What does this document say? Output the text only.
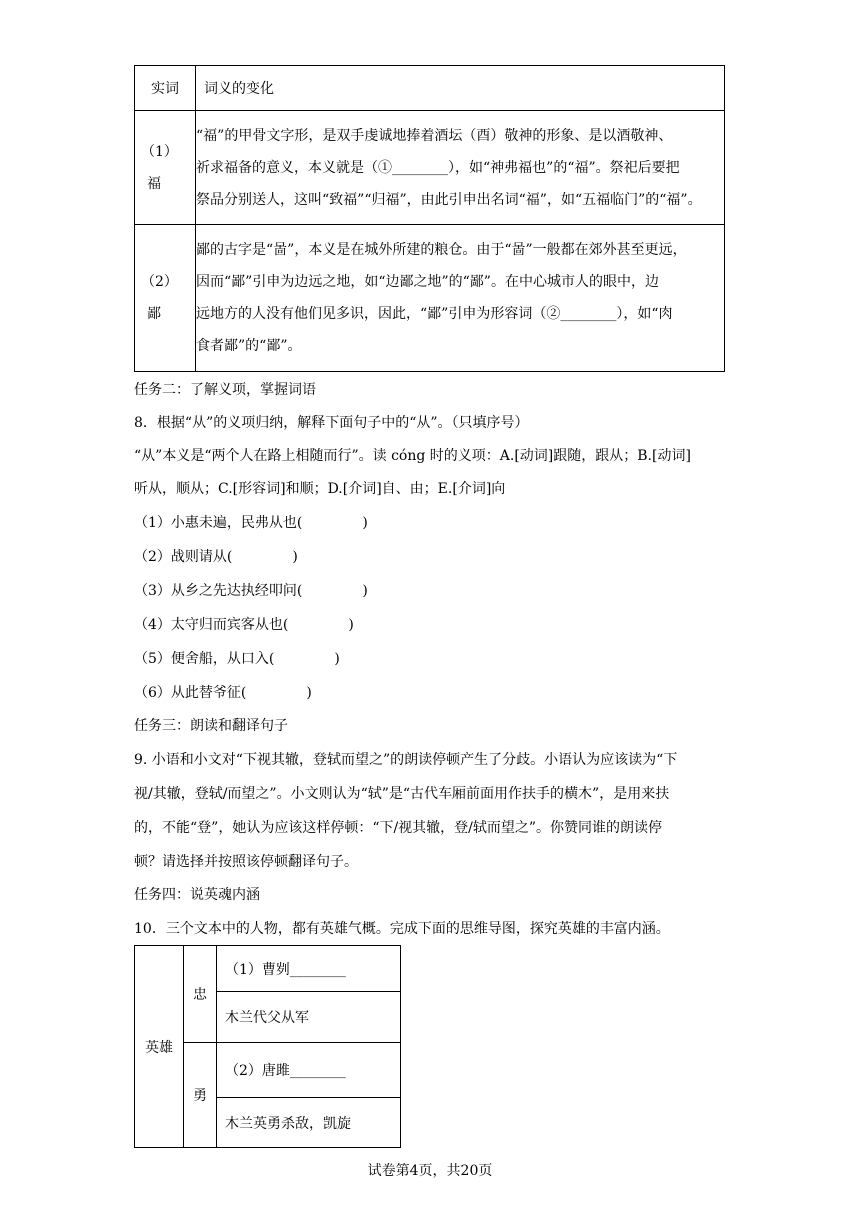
实词	词义的变化

（1）
福	“福”的甲骨文字形，是双手虔诚地捧着酒坛（酉）敬神的形象、是以酒敬神、
祈求福备的意义，本义就是（①________），如“神弗福也”的“福”。祭祀后要把
祭品分别送人，这叫“致福”“归福”，由此引申出名词“福”，如“五福临门”的“福”。

（2）
鄙	鄙的古字是“啚”，本义是在城外所建的粮仓。由于“啚”一般都在郊外甚至更远，
因而“鄙”引申为边远之地，如“边鄙之地”的“鄙”。在中心城市人的眼中，边
远地方的人没有他们见多识，因此，“鄙”引申为形容词（②________），如“肉
食者鄙”的“鄙”。
任务二：了解义项，掌握词语
8．根据“从”的义项归纳，解释下面句子中的“从”。（只填序号）
“从”本义是“两个人在路上相随而行”。读 cóng 时的义项：A.[动词]跟随，跟从；B.[动词]
听从，顺从；C.[形容词]和顺；D.[介词]自、由；E.[介词]向
（1）小惠未遍，民弗从也(	)
（2）战则请从(	)
（3）从乡之先达执经叩问(	)
（4）太守归而宾客从也(	)
（5）便舍船，从口入(	)
（6）从此替爷征(	)
任务三：朗读和翻译句子
9. 小语和小文对“下视其辙，登轼而望之”的朗读停顿产生了分歧。小语认为应该读为“下
视/其辙，登轼/而望之”。小文则认为“轼”是“古代车厢前面用作扶手的横木”，是用来扶
的，不能“登”，她认为应该这样停顿：“下/视其辙，登/轼而望之”。你赞同谁的朗读停
顿？请选择并按照该停顿翻译句子。
任务四：说英魂内涵
10．三个文本中的人物，都有英雄气概。完成下面的思维导图，探究英雄的丰富内涵。
英雄	忠	（1）曹刿________
		木兰代父从军
	勇	（2）唐雎________
		木兰英勇杀敌，凯旋
试卷第4页，共20页
